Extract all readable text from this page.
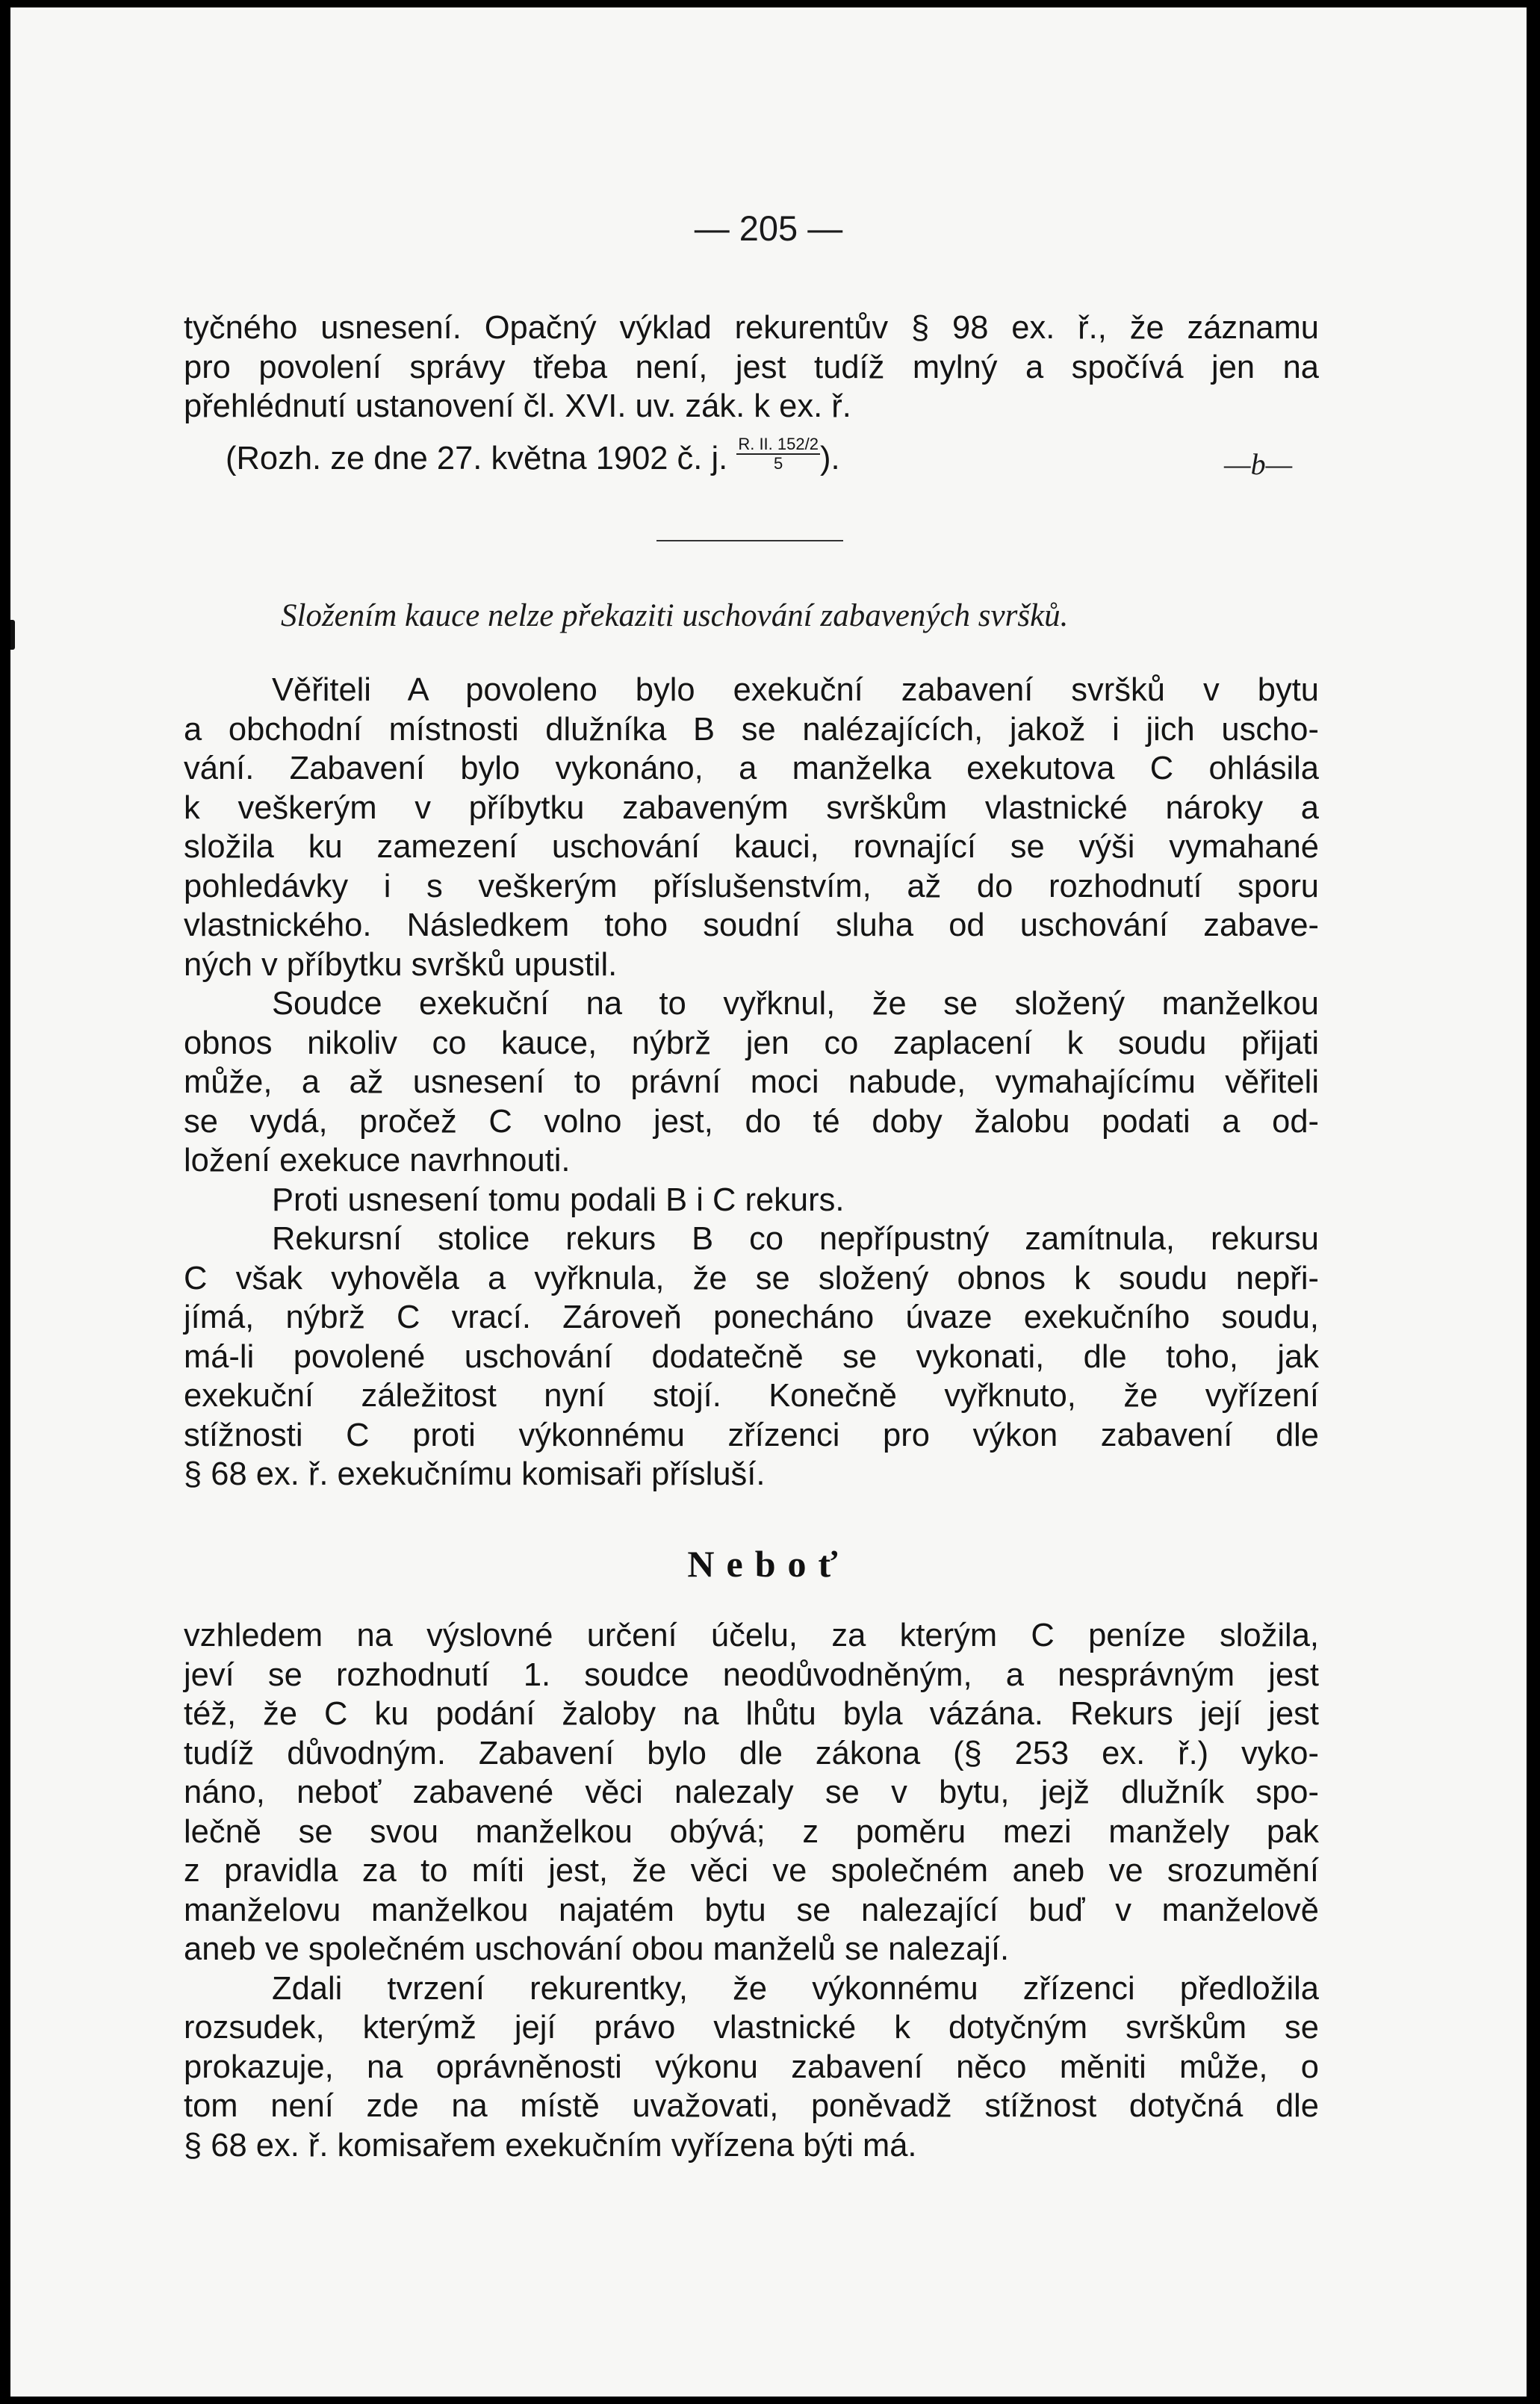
— 205 —
tyčného usnesení. Opačný výklad rekurentův § 98 ex. ř., že záznamu
pro povolení správy třeba není, jest tudíž mylný a spočívá jen na
přehlédnutí ustanovení čl. XVI. uv. zák. k ex. ř.
(Rozh. ze dne 27. května 1902 č. j. $\frac{R. II. 152/2}{5}$ ).	—b—
Složením kauce nelze překaziti uschování zabavených svršků.
Věřiteli A povoleno bylo exekuční zabavení svršků v bytu
a obchodní místnosti dlužníka B se nalézajících, jakož i jich uscho-
vání. Zabavení bylo vykonáno, a manželka exekutova C ohlásila
k veškerým v příbytku zabaveným svrškům vlastnické nároky a
složila ku zamezení uschování kauci, rovnající se výši vymahané
pohledávky i s veškerým příslušenstvím, až do rozhodnutí sporu
vlastnického. Následkem toho soudní sluha od uschování zabave-
ných v příbytku svršků upustil.
Soudce exekuční na to vyřknul, že se složený manželkou
obnos nikoliv co kauce, nýbrž jen co zaplacení k soudu přijati
může, a až usnesení to právní moci nabude, vymahajícímu věřiteli
se vydá, pročež C volno jest, do té doby žalobu podati a od-
ložení exekuce navrhnouti.
Proti usnesení tomu podali B i C rekurs.
Rekursní stolice rekurs B co nepřípustný zamítnula, rekursu
C však vyhověla a vyřknula, že se složený obnos k soudu nepři-
jímá, nýbrž C vrací. Zároveň ponecháno úvaze exekučního soudu,
má-li povolené uschování dodatečně se vykonati, dle toho, jak
exekuční záležitost nyní stojí. Konečně vyřknuto, že vyřízení
stížnosti C proti výkonnému zřízenci pro výkon zabavení dle
§ 68 ex. ř. exekučnímu komisaři přísluší.
Neboť
vzhledem na výslovné určení účelu, za kterým C peníze složila,
jeví se rozhodnutí 1. soudce neodůvodněným, a nesprávným jest
též, že C ku podání žaloby na lhůtu byla vázána. Rekurs její jest
tudíž důvodným. Zabavení bylo dle zákona (§ 253 ex. ř.) vyko-
náno, neboť zabavené věci nalezaly se v bytu, jejž dlužník spo-
lečně se svou manželkou obývá; z poměru mezi manžely pak
z pravidla za to míti jest, že věci ve společném aneb ve srozumění
manželovu manželkou najatém bytu se nalezající buď v manželově
aneb ve společném uschování obou manželů se nalezají.
Zdali tvrzení rekurentky, že výkonnému zřízenci předložila
rozsudek, kterýmž její právo vlastnické k dotyčným svrškům se
prokazuje, na oprávněnosti výkonu zabavení něco měniti může, o
tom není zde na místě uvažovati, poněvadž stížnost dotyčná dle
§ 68 ex. ř. komisařem exekučním vyřízena býti má.
